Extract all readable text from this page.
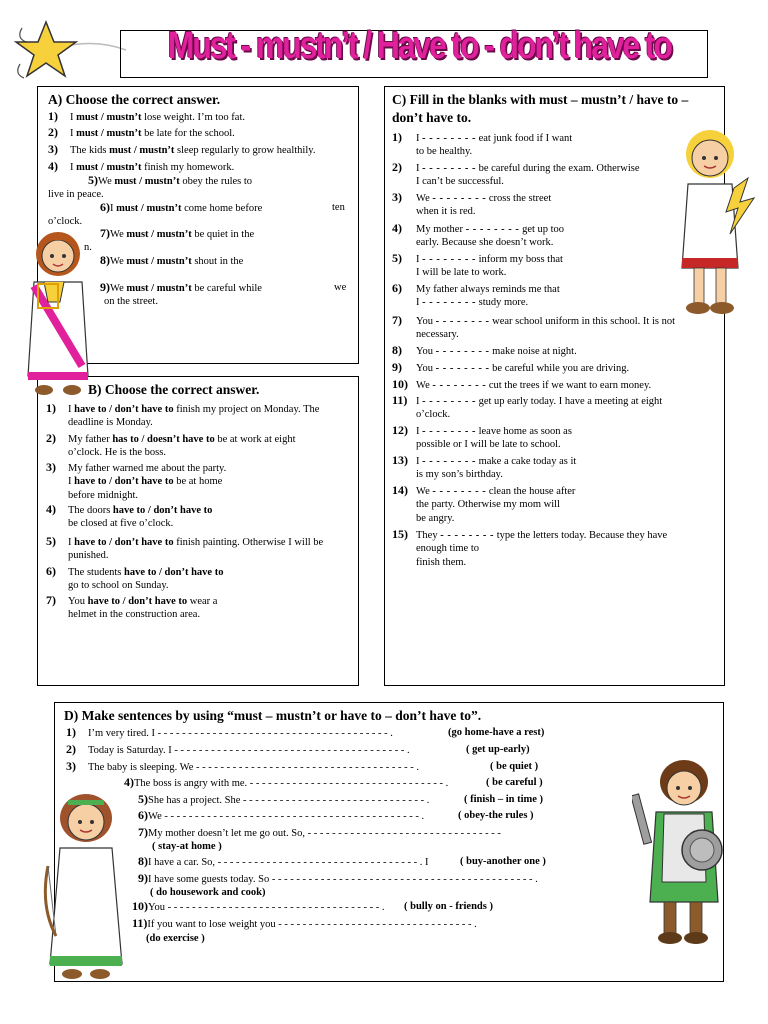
Must - mustn’t / Have to - don’t have to
A) Choose the correct answer.
1)I must / mustn’t lose weight. I’m too fat.
2)I must / mustn’t be late for the school.
3)The kids must / mustn’t sleep regularly to grow healthily.
4)I must / mustn’t finish my homework.
5)We must / mustn’t obey the rules to
live in peace.
6)I must / mustn’t come home before	ten
o’clock.
7)We must / mustn’t be quiet in the
n.
8)We must / mustn’t shout in the
9)We must / mustn’t be careful while	we
on the street.
B) Choose the correct answer.
1) I have to / don’t have to finish my project on Monday. The
deadline is Monday.
2) My father has to / doesn’t have to be at work at eight
o’clock. He is the boss.
3) My father warned me about the party.
I have to / don’t have to be at home
before midnight.
4) The doors have to / don’t have to
be closed at five o’clock.
5) I have to / don’t have to finish painting. Otherwise I will be
punished.
6) The students have to / don’t have to
go to school on Sunday.
7) You have to / don’t have to wear a
helmet in the construction area.
C) Fill in the blanks with must – mustn’t / have to –
don’t have to.
1) I - - - - - - - - eat junk food if I want
to be healthy.
2) I - - - - - - - - be careful during the exam. Otherwise
I can’t be successful.
3) We - - - - - - - - cross the street
when it is red.
4) My mother - - - - - - - - get up too
early. Because she doesn’t work.
5) I - - - - - - - - inform my boss that
I will be late to work.
6) My father always reminds me that
I - - - - - - - - study more.
7) You - - - - - - - - wear school uniform in this school. It is not
necessary.
8) You - - - - - - - - make noise at night.
9) You - - - - - - - - be careful while you are driving.
10) We - - - - - - - - cut the trees if we want to earn money.
11) I - - - - - - - - get up early today. I have a meeting at eight
o’clock.
12) I - - - - - - - - leave home as soon as
possible or I will be late to school.
13) I - - - - - - - - make a cake today as it
is my son’s birthday.
14) We - - - - - - - - clean the house after
the party. Otherwise my mom will
be angry.
15) They - - - - - - - - type the letters today. Because they have
enough time to
finish them.
D) Make sentences by using “must – mustn’t or have to – don’t have to”.
1)I’m very tired. I - - - - - - - - - - - - - - - - - - - - - - - - - - - - - - - - - - - - - - .	(go home-have a rest)
2)Today is Saturday. I - - - - - - - - - - - - - - - - - - - - - - - - - - - - - - - - - - - - - - .	( get up-early)
3)The baby is sleeping. We - - - - - - - - - - - - - - - - - - - - - - - - - - - - - - - - - - - - .	( be quiet )
4)The boss is angry with me. - - - - - - - - - - - - - - - - - - - - - - - - - - - - - - - - .	( be careful )
5)She has a project. She - - - - - - - - - - - - - - - - - - - - - - - - - - - - - - .	( finish – in time )
6)We - - - - - - - - - - - - - - - - - - - - - - - - - - - - - - - - - - - - - - - - - - .	( obey-the rules )
7)My mother doesn’t let me go out. So, - - - - - - - - - - - - - - - - - - - - - - - - - - - - - - - -
( stay-at home )
8)I have a car. So, - - - - - - - - - - - - - - - - - - - - - - - - - - - - - - - - - . I	( buy-another one )
9)I have some guests today. So - - - - - - - - - - - - - - - - - - - - - - - - - - - - - - - - - - - - - - - - - - - .
( do housework and cook)
10)You - - - - - - - - - - - - - - - - - - - - - - - - - - - - - - - - - - - . ( bully on - friends )
11)If you want to lose weight you - - - - - - - - - - - - - - - - - - - - - - - - - - - - - - - - .
(do exercise )
